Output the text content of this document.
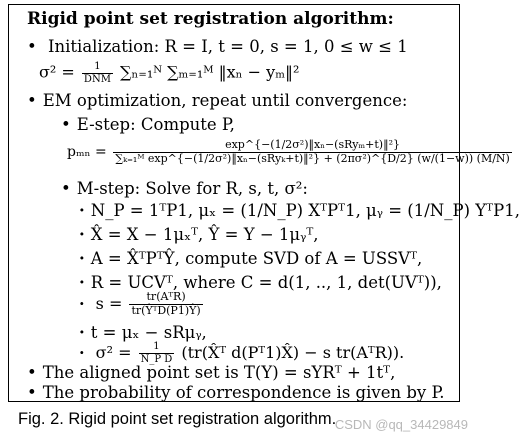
Rigid point set registration algorithm:
• Initialization: R = I, t = 0, s = 1, 0 ≤ w ≤ 1
$\sigma^2 = \frac{1}{\text{DNM}}$ ∑ₙ₌₁ᴺ ∑ₘ₌₁ᴹ ‖xₙ − yₘ‖²
• EM optimization, repeat until convergence:
• E-step: Compute P,
pₘₙ =	exp^{−(1/2σ²)‖xₙ−(sRyₘ+t)‖²}
∑ₖ₌₁ᴹ exp^{−(1/2σ²)‖xₙ−(sRyₖ+t)‖²} + (2πσ²)^{D/2} (w/(1−w)) (M/N)
• M-step: Solve for R, s, t, σ²:
· N_P = 1ᵀP1, μₓ = (1/N_P) XᵀPᵀ1, μᵧ = (1/N_P) YᵀP1,
· X̂ = X − 1μₓᵀ, Ŷ = Y − 1μᵧᵀ,
· A = X̂ᵀPᵀŶ, compute SVD of A = USSVᵀ,
· R = UCVᵀ, where C = d(1, .., 1, det(UVᵀ)),
· $s = \frac{\text{tr(AᵀR)}}{\text{tr(ŶᵀD(P1)Ŷ)}}$
· t = μₓ − sRμᵧ,
· $\sigma^2 = \frac{1}{\text{N\_P D}}$ (tr(X̂ᵀ d(Pᵀ1)X̂) − s tr(AᵀR)).
• The aligned point set is T(Y) = sYRᵀ + 1tᵀ,
• The probability of correspondence is given by P.
Fig. 2. Rigid point set registration algorithm.
CSDN @qq_34429849
